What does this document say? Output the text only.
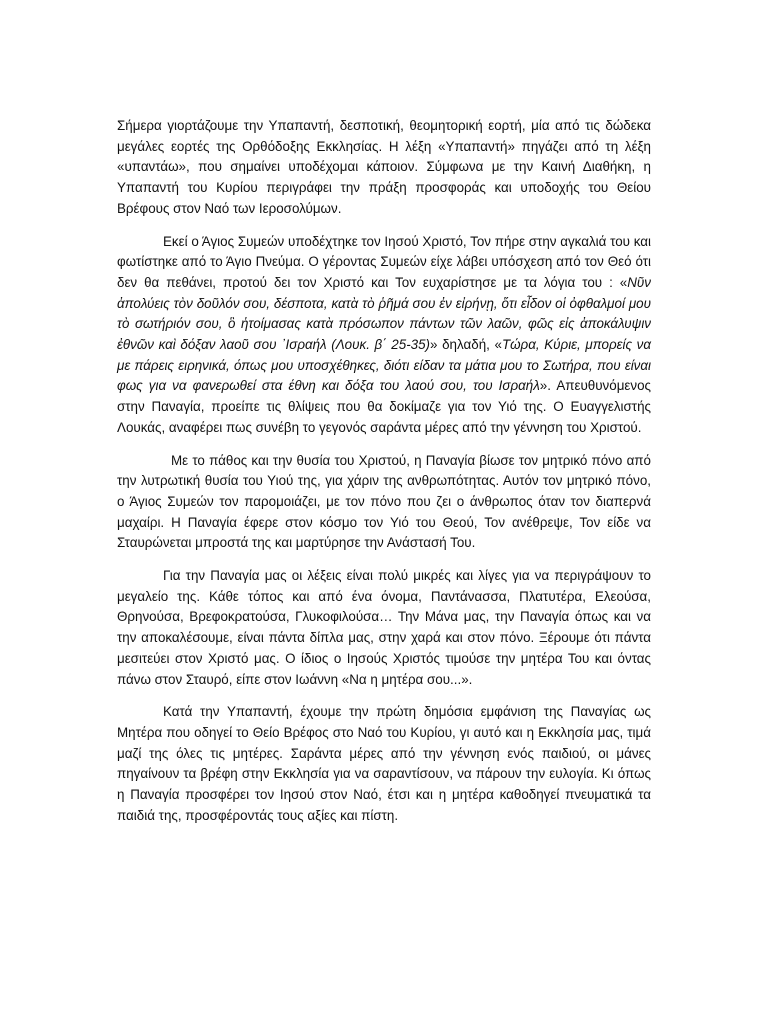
Σήμερα γιορτάζουμε την Υπαπαντή, δεσποτική, θεομητορική εορτή, μία από τις δώδεκα μεγάλες εορτές της Ορθόδοξης Εκκλησίας. Η λέξη «Υπαπαντή» πηγάζει από τη λέξη «υπαντάω», που σημαίνει υποδέχομαι κάποιον. Σύμφωνα με την Καινή Διαθήκη, η Υπαπαντή του Κυρίου περιγράφει την πράξη προσφοράς και υποδοχής του Θείου Βρέφους στον Ναό των Ιεροσολύμων.

Εκεί ο Άγιος Συμεών υποδέχτηκε τον Ιησού Χριστό, Τον πήρε στην αγκαλιά του και φωτίστηκε από το Άγιο Πνεύμα. Ο γέροντας Συμεών είχε λάβει υπόσχεση από τον Θεό ότι δεν θα πεθάνει, προτού δει τον Χριστό και Τον ευχαρίστησε με τα λόγια του : «Νῦν ἀπολύεις τὸν δοῦλόν σου, δέσποτα, κατὰ τὸ ῥῆμά σου ἐν εἰρήνῃ, ὅτι εἶδον οἱ ὀφθαλμοί μου τὸ σωτήριόν σου, ὃ ἡτοίμασας κατὰ πρόσωπον πάντων τῶν λαῶν, φῶς εἰς ἀποκάλυψιν ἐθνῶν καὶ δόξαν λαοῦ σου ᾿Ισραήλ (Λουκ. β΄ 25-35)» δηλαδή, «Τώρα, Κύριε, μπορείς να με πάρεις ειρηνικά, όπως μου υποσχέθηκες, διότι είδαν τα μάτια μου το Σωτήρα, που είναι φως για να φανερωθεί στα έθνη και δόξα του λαού σου, του Ισραήλ». Απευθυνόμενος στην Παναγία, προείπε τις θλίψεις που θα δοκίμαζε για τον Υιό της. Ο Ευαγγελιστής Λουκάς, αναφέρει πως συνέβη το γεγονός σαράντα μέρες από την γέννηση του Χριστού.

Με το πάθος και την θυσία του Χριστού, η Παναγία βίωσε τον μητρικό πόνο από την λυτρωτική θυσία του Υιού της, για χάριν της ανθρωπότητας. Αυτόν τον μητρικό πόνο, ο Άγιος Συμεών τον παρομοιάζει, με τον πόνο που ζει ο άνθρωπος όταν τον διαπερνά μαχαίρι. Η Παναγία έφερε στον κόσμο τον Υιό του Θεού, Τον ανέθρεψε, Τον είδε να Σταυρώνεται μπροστά της και μαρτύρησε την Ανάστασή Του.

Για την Παναγία μας οι λέξεις είναι πολύ μικρές και λίγες για να περιγράψουν το μεγαλείο της. Κάθε τόπος και από ένα όνομα, Παντάνασσα, Πλατυτέρα, Ελεούσα, Θρηνούσα, Βρεφοκρατούσα, Γλυκοφιλούσα… Την Μάνα μας, την Παναγία όπως και να την αποκαλέσουμε, είναι πάντα δίπλα μας, στην χαρά και στον πόνο. Ξέρουμε ότι πάντα μεσιτεύει στον Χριστό μας. Ο ίδιος ο Ιησούς Χριστός τιμούσε την μητέρα Του και όντας πάνω στον Σταυρό, είπε στον Ιωάννη «Να η μητέρα σου...».

Κατά την Υπαπαντή, έχουμε την πρώτη δημόσια εμφάνιση της Παναγίας ως Μητέρα που οδηγεί το Θείο Βρέφος στο Ναό του Κυρίου, γι αυτό και η Εκκλησία μας, τιμά μαζί της όλες τις μητέρες. Σαράντα μέρες από την γέννηση ενός παιδιού, οι μάνες πηγαίνουν τα βρέφη στην Εκκλησία για να σαραντίσουν, να πάρουν την ευλογία. Κι όπως η Παναγία προσφέρει τον Ιησού στον Ναό, έτσι και η μητέρα καθοδηγεί πνευματικά τα παιδιά της, προσφέροντάς τους αξίες και πίστη.
